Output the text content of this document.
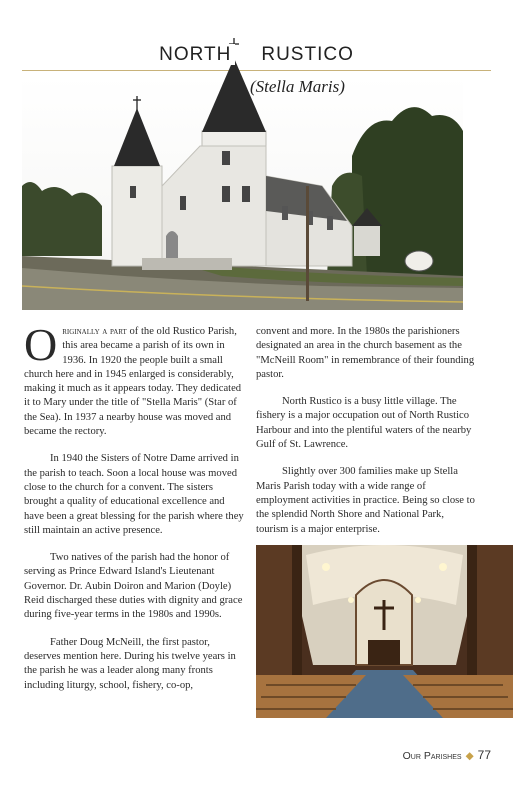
NORTH RUSTICO
(Stella Maris)

Originally a part of the old Rustico Parish, this area became a parish of its own in 1936. In 1920 the people built a small church here and in 1945 enlarged is considerably, making it much as it appears today. They dedicated it to Mary under the title of "Stella Maris" (Star of the Sea). In 1937 a nearby house was moved and became the rectory.

In 1940 the Sisters of Notre Dame arrived in the parish to teach. Soon a local house was moved close to the church for a convent. The sisters brought a quality of educational excellence and have been a great blessing for the parish where they still maintain an active presence.

Two natives of the parish had the honor of serving as Prince Edward Island's Lieutenant Governor. Dr. Aubin Doiron and Marion (Doyle) Reid discharged these duties with dignity and grace during five-year terms in the 1980s and 1990s.

Father Doug McNeill, the first pastor, deserves mention here. During his twelve years in the parish he was a leader along many fronts including liturgy, school, fishery, co-op,

convent and more. In the 1980s the parishioners designated an area in the church basement as the "McNeill Room" in remembrance of their founding pastor.

North Rustico is a busy little village. The fishery is a major occupation out of North Rustico Harbour and into the plentiful waters of the nearby Gulf of St. Lawrence.

Slightly over 300 families make up Stella Maris Parish today with a wide range of employment activities in practice. Being so close to the splendid North Shore and National Park, tourism is a major enterprise.

Our Parishes ◆ 77
